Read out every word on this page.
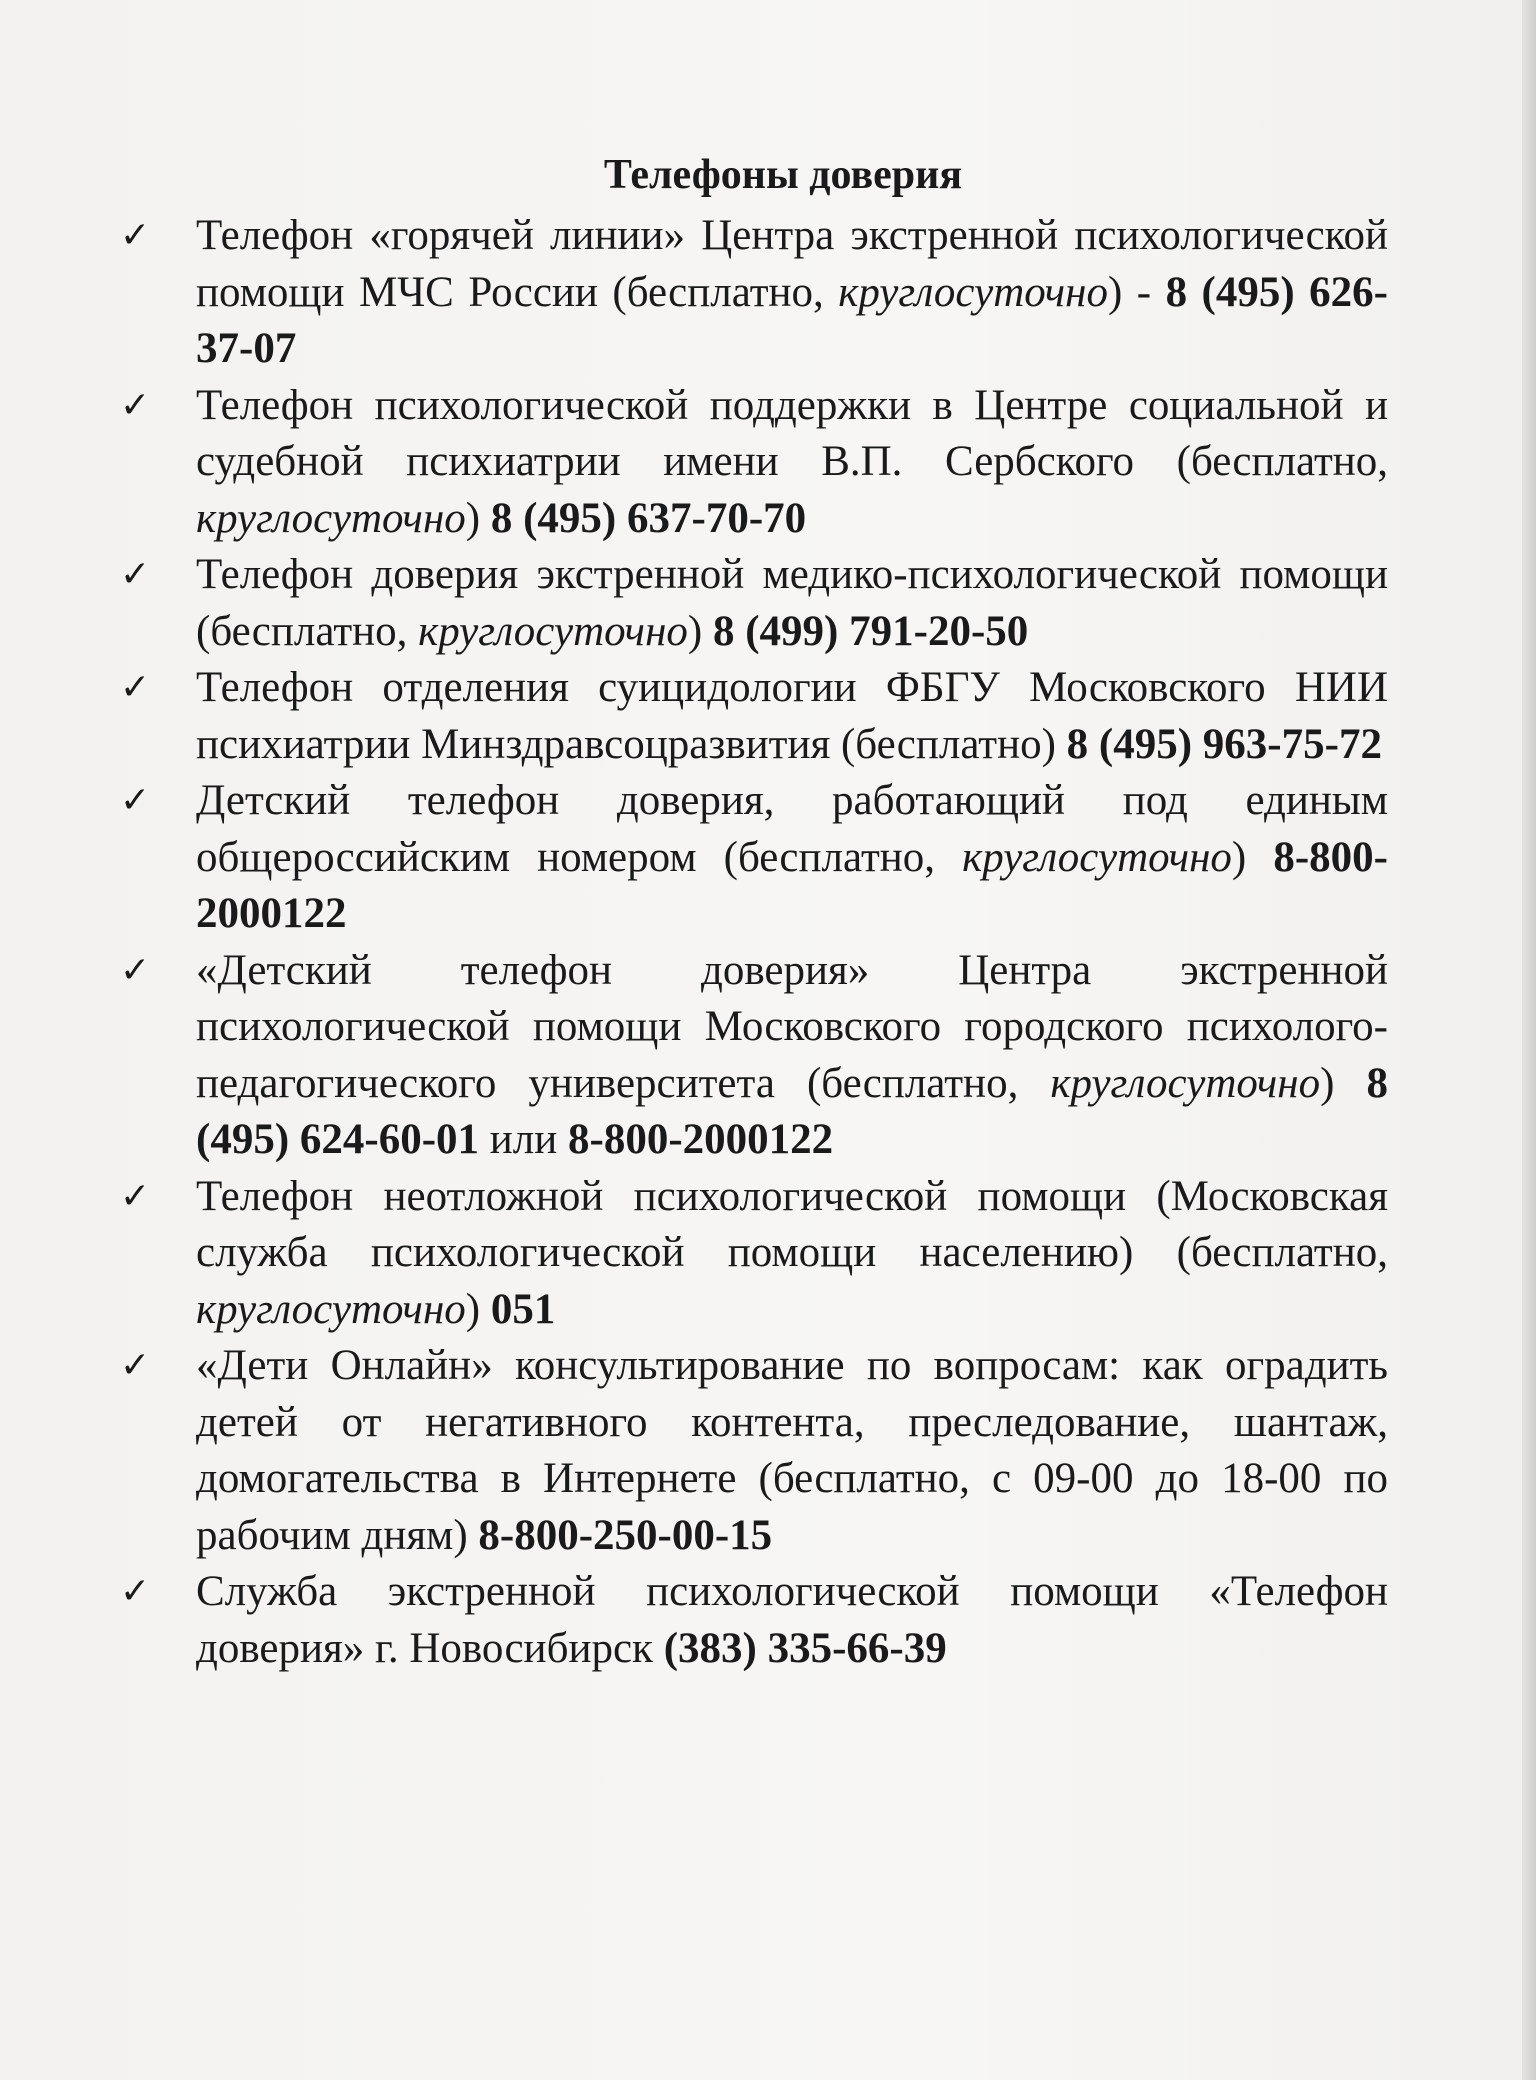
Телефоны доверия
✓ Телефон «горячей линии» Центра экстренной психологической помощи МЧС России (бесплатно, круглосуточно) - 8 (495) 626-37-07
✓ Телефон психологической поддержки в Центре социальной и судебной психиатрии имени В.П. Сербского (бесплатно, круглосуточно) 8 (495) 637-70-70
✓ Телефон доверия экстренной медико-психологической помощи (бесплатно, круглосуточно) 8 (499) 791-20-50
✓ Телефон отделения суицидологии ФБГУ Московского НИИ психиатрии Минздравсоцразвития (бесплатно) 8 (495) 963-75-72
✓ Детский телефон доверия, работающий под единым общероссийским номером (бесплатно, круглосуточно) 8-800-2000122
✓ «Детский телефон доверия» Центра экстренной психологической помощи Московского городского психолого-педагогического университета (бесплатно, круглосуточно) 8 (495) 624-60-01 или 8-800-2000122
✓ Телефон неотложной психологической помощи (Московская служба психологической помощи населению) (бесплатно, круглосуточно) 051
✓ «Дети Онлайн» консультирование по вопросам: как оградить детей от негативного контента, преследование, шантаж, домогательства в Интернете (бесплатно, с 09-00 до 18-00 по рабочим дням) 8-800-250-00-15
✓ Служба экстренной психологической помощи «Телефон доверия» г. Новосибирск (383) 335-66-39
